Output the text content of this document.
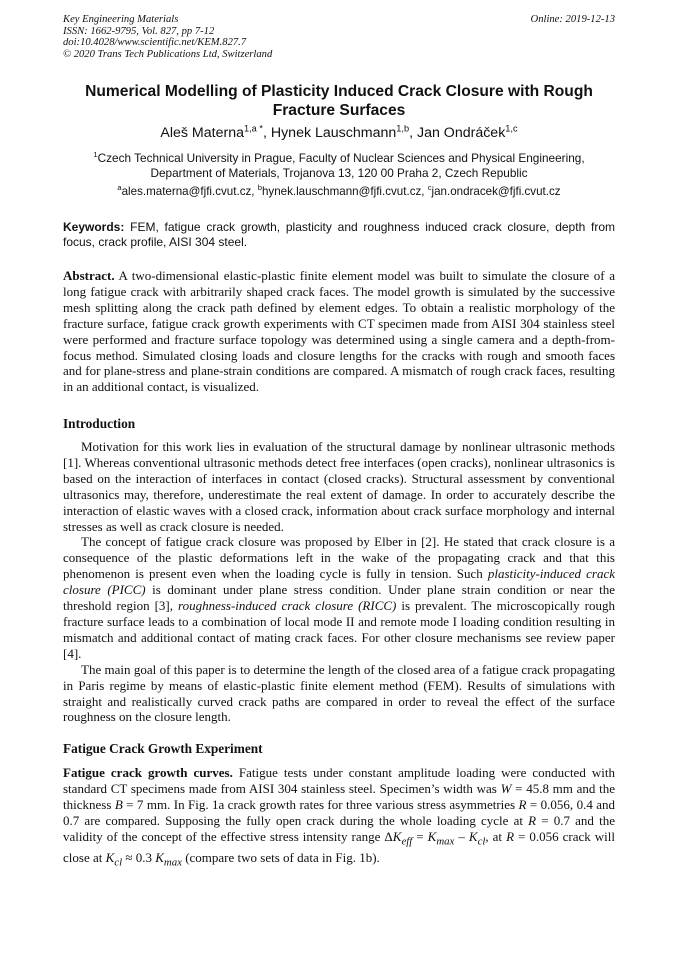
Key Engineering Materials
ISSN: 1662-9795, Vol. 827, pp 7-12
doi:10.4028/www.scientific.net/KEM.827.7
© 2020 Trans Tech Publications Ltd, Switzerland
Online: 2019-12-13
Numerical Modelling of Plasticity Induced Crack Closure with Rough Fracture Surfaces
Aleš Materna$^{1,a *}$, Hynek Lauschmann$^{1,b}$, Jan Ondráček$^{1,c}$
$^1$Czech Technical University in Prague, Faculty of Nuclear Sciences and Physical Engineering,
Department of Materials, Trojanova 13, 120 00 Praha 2, Czech Republic
$^a$ales.materna@fjfi.cvut.cz, $^b$hynek.lauschmann@fjfi.cvut.cz, $^c$jan.ondracek@fjfi.cvut.cz
Keywords: FEM, fatigue crack growth, plasticity and roughness induced crack closure, depth from focus, crack profile, AISI 304 steel.

Abstract. A two-dimensional elastic-plastic finite element model was built to simulate the closure of a long fatigue crack with arbitrarily shaped crack faces. The model growth is simulated by the successive mesh splitting along the crack path defined by element edges. To obtain a realistic morphology of the fracture surface, fatigue crack growth experiments with CT specimen made from AISI 304 stainless steel were performed and fracture surface topology was determined using a single camera and a depth-from-focus method. Simulated closing loads and closure lengths for the cracks with rough and smooth faces and for plane-stress and plane-strain conditions are compared. A mismatch of rough crack faces, resulting in an additional contact, is visualized.

Introduction

Motivation for this work lies in evaluation of the structural damage by nonlinear ultrasonic methods [1]. Whereas conventional ultrasonic methods detect free interfaces (open cracks), nonlinear ultrasonics is based on the interaction of interfaces in contact (closed cracks). Structural assessment by conventional ultrasonics may, therefore, underestimate the real extent of damage. In order to accurately describe the interaction of elastic waves with a closed crack, information about crack surface morphology and internal stresses as well as crack closure is needed.

The concept of fatigue crack closure was proposed by Elber in [2]. He stated that crack closure is a consequence of the plastic deformations left in the wake of the propagating crack and that this phenomenon is present even when the loading cycle is fully in tension. Such plasticity-induced crack closure (PICC) is dominant under plane stress condition. Under plane strain condition or near the threshold region [3], roughness-induced crack closure (RICC) is prevalent. The microscopically rough fracture surface leads to a combination of local mode II and remote mode I loading condition resulting in mismatch and additional contact of mating crack faces. For other closure mechanisms see review paper [4].

The main goal of this paper is to determine the length of the closed area of a fatigue crack propagating in Paris regime by means of elastic-plastic finite element method (FEM). Results of simulations with straight and realistically curved crack paths are compared in order to reveal the effect of the surface roughness on the closure length.

Fatigue Crack Growth Experiment

Fatigue crack growth curves. Fatigue tests under constant amplitude loading were conducted with standard CT specimens made from AISI 304 stainless steel. Specimen’s width was W = 45.8 mm and the thickness B = 7 mm. In Fig. 1a crack growth rates for three various stress asymmetries R = 0.056, 0.4 and 0.7 are compared. Supposing the fully open crack during the whole loading cycle at R = 0.7 and the validity of the concept of the effective stress intensity range $\Delta K_{eff} = K_{max} - K_{cl}$, at R = 0.056 crack will close at $K_{cl} \approx 0.3$ $K_{max}$ (compare two sets of data in Fig. 1b).
